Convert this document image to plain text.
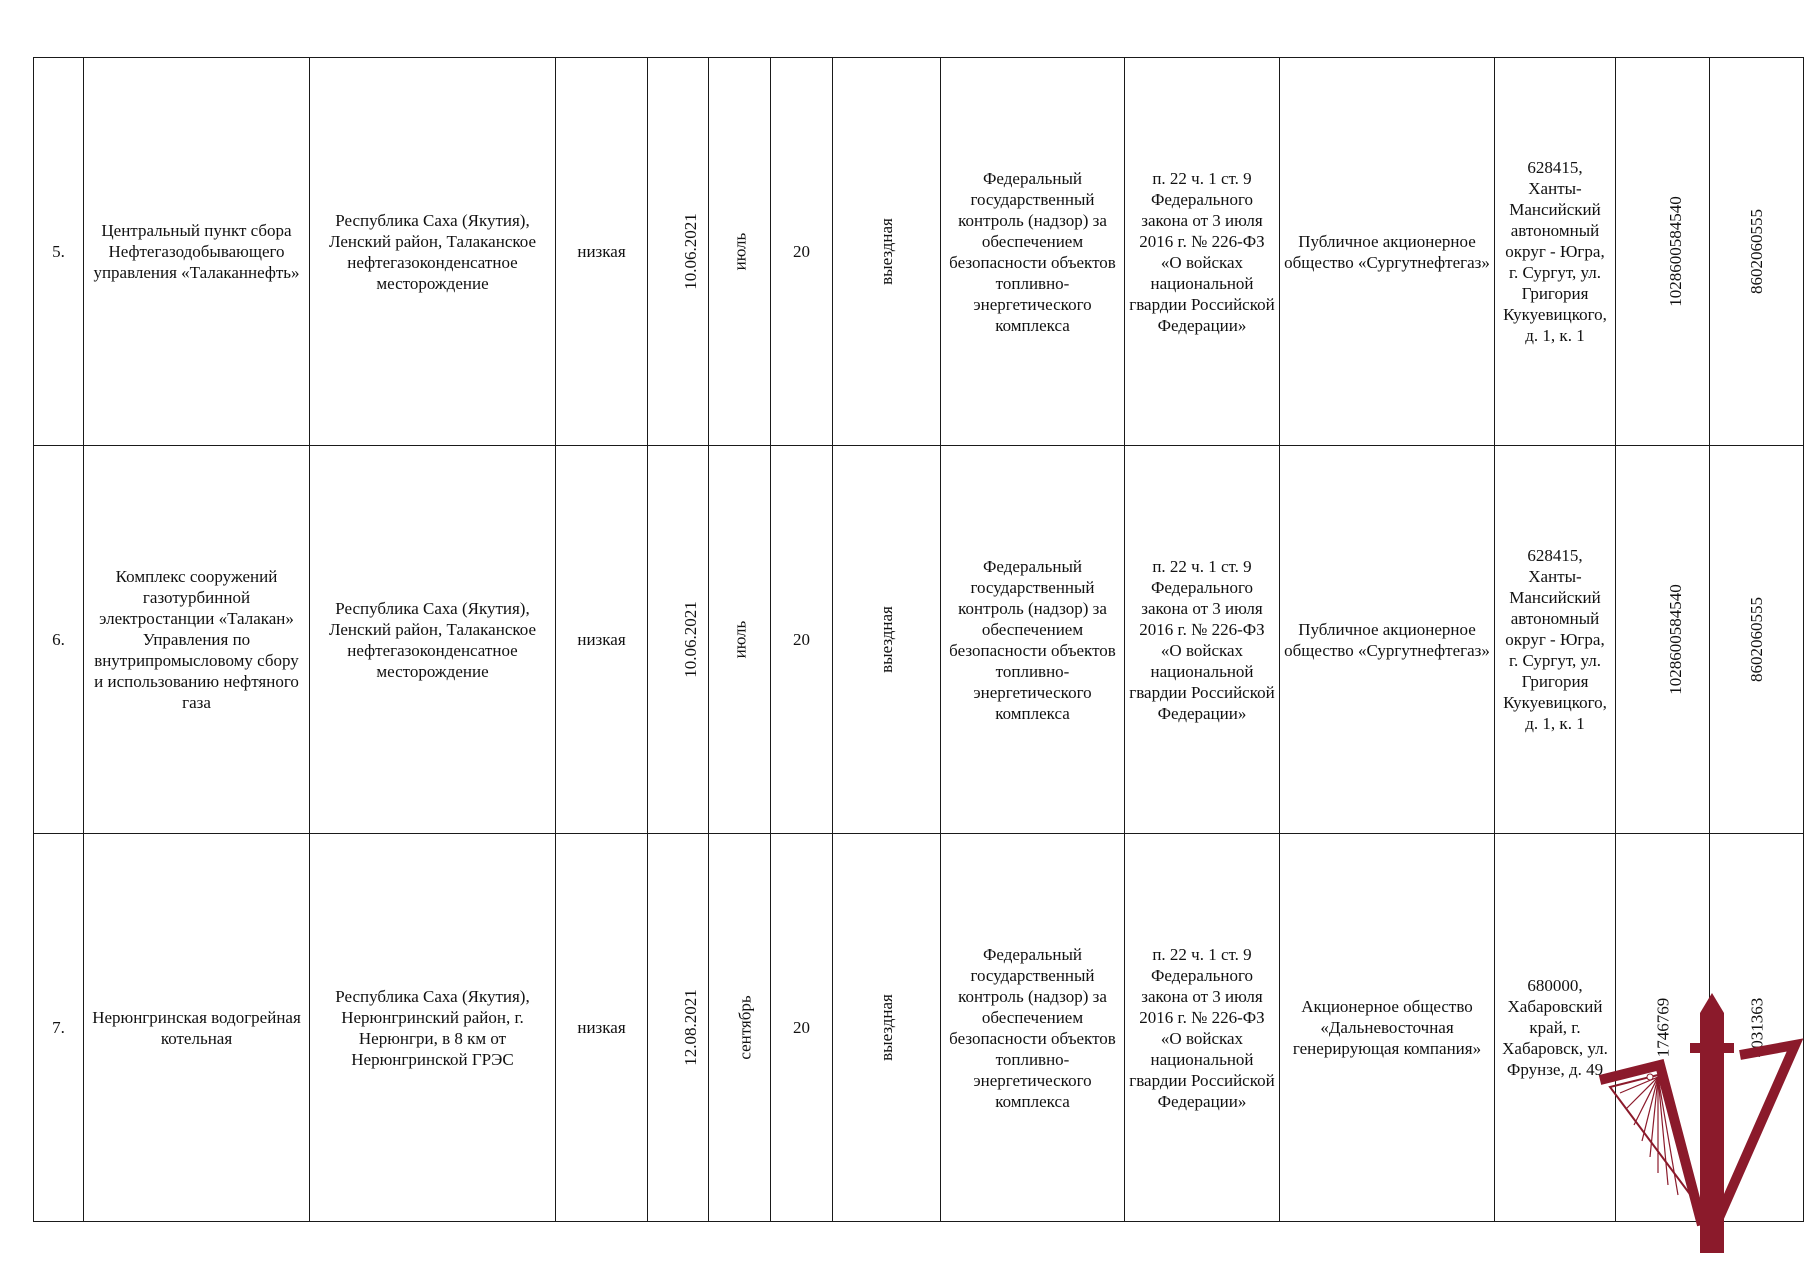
5.	Центральный пункт сбора Нефтегазодобывающего управления «Талаканнефть»	Республика Саха (Якутия), Ленский район, Талаканское нефтегазоконденсатное месторождение	низкая	10.06.2021	июль	20	выездная	Федеральный государственный контроль (надзор) за обеспечением безопасности объектов топливно-энергетического комплекса	п. 22 ч. 1 ст. 9 Федерального закона от 3 июля 2016 г. № 226-ФЗ «О войсках национальной гвардии Российской Федерации»	Публичное акционерное общество «Сургутнефтегаз»	628415, Ханты-Мансийский автономный округ - Югра, г. Сургут, ул. Григория Кукуевицкого, д. 1, к. 1	1028600584540	8602060555
6.	Комплекс сооружений газотурбинной электростанции «Талакан» Управления по внутрипромысловому сбору и использованию нефтяного газа	Республика Саха (Якутия), Ленский район, Талаканское нефтегазоконденсатное месторождение	низкая	10.06.2021	июль	20	выездная	Федеральный государственный контроль (надзор) за обеспечением безопасности объектов топливно-энергетического комплекса	п. 22 ч. 1 ст. 9 Федерального закона от 3 июля 2016 г. № 226-ФЗ «О войсках национальной гвардии Российской Федерации»	Публичное акционерное общество «Сургутнефтегаз»	628415, Ханты-Мансийский автономный округ - Югра, г. Сургут, ул. Григория Кукуевицкого, д. 1, к. 1	1028600584540	8602060555
7.	Нерюнгринская водогрейная котельная	Республика Саха (Якутия), Нерюнгринский район, г. Нерюнгри, в 8 км от Нерюнгринской ГРЭС	низкая	12.08.2021	сентябрь	20	выездная	Федеральный государственный контроль (надзор) за обеспечением безопасности объектов топливно-энергетического комплекса	п. 22 ч. 1 ст. 9 Федерального закона от 3 июля 2016 г. № 226-ФЗ «О войсках национальной гвардии Российской Федерации»	Акционерное общество «Дальневосточная генерирующая компания»	680000, Хабаровский край, г. Хабаровск, ул. Фрунзе, д. 49	1746769	4031363
